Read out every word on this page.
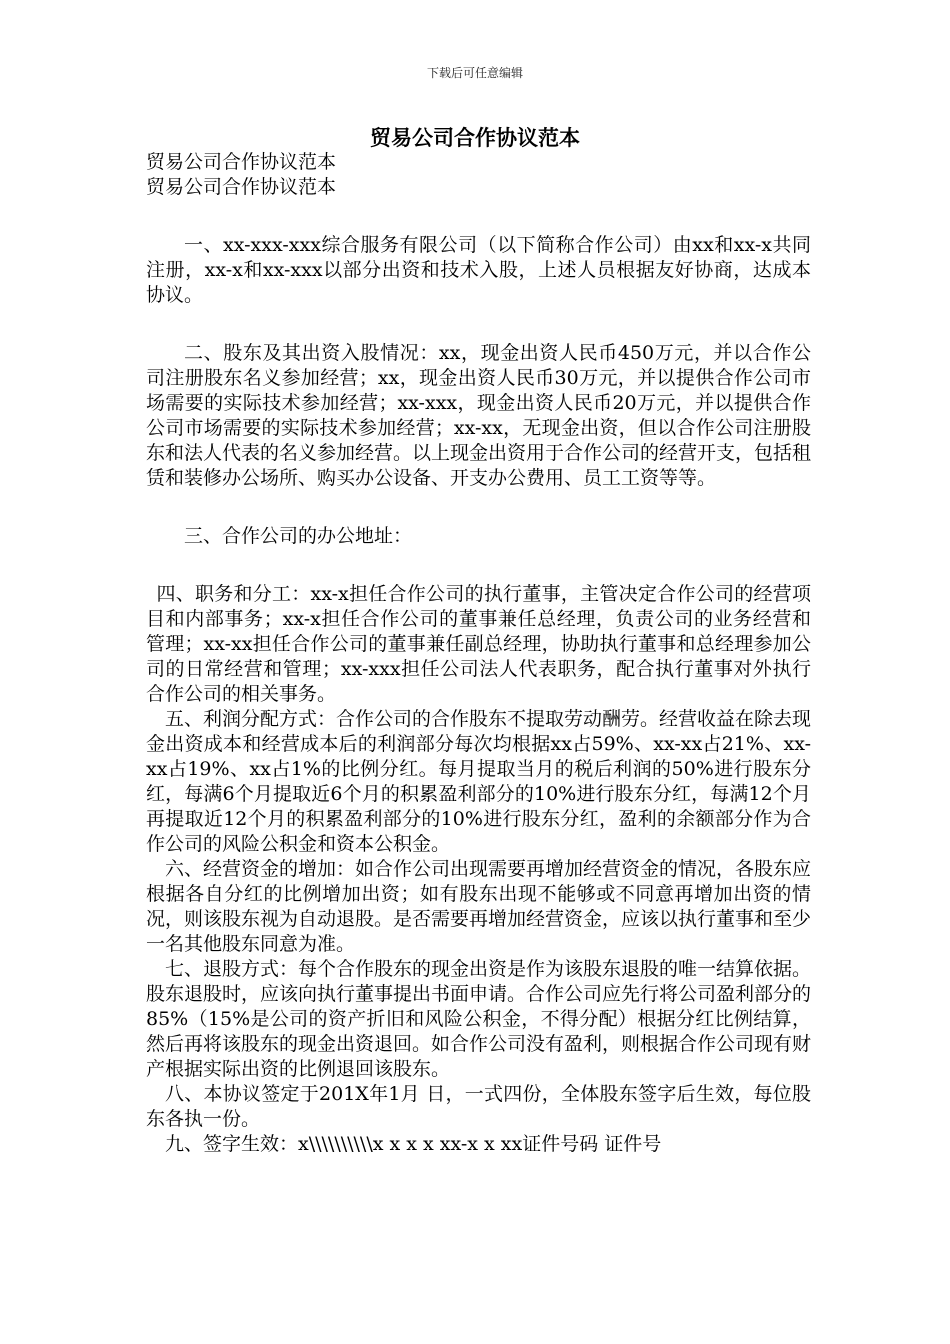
下载后可任意编辑
贸易公司合作协议范本

贸易公司合作协议范本

贸易公司合作协议范本

一、xx-xxx-xxx综合服务有限公司（以下简称合作公司）由xx和xx-x共同注册，xx-x和xx-xxx以部分出资和技术入股，上述人员根据友好协商，达成本协议。

二、股东及其出资入股情况：xx，现金出资人民币450万元，并以合作公司注册股东名义参加经营；xx，现金出资人民币30万元，并以提供合作公司市场需要的实际技术参加经营；xx-xxx，现金出资人民币20万元，并以提供合作公司市场需要的实际技术参加经营；xx-xx，无现金出资，但以合作公司注册股东和法人代表的名义参加经营。以上现金出资用于合作公司的经营开支，包括租赁和装修办公场所、购买办公设备、开支办公费用、员工工资等等。

三、合作公司的办公地址：

四、职务和分工：xx-x担任合作公司的执行董事，主管决定合作公司的经营项目和内部事务；xx-x担任合作公司的董事兼任总经理，负责公司的业务经营和管理；xx-xx担任合作公司的董事兼任副总经理，协助执行董事和总经理参加公司的日常经营和管理；xx-xxx担任公司法人代表职务，配合执行董事对外执行合作公司的相关事务。

五、利润分配方式：合作公司的合作股东不提取劳动酬劳。经营收益在除去现金出资成本和经营成本后的利润部分每次均根据xx占59%、xx-xx占21%、xx-xx占19%、xx占1%的比例分红。每月提取当月的税后利润的50%进行股东分红，每满6个月提取近6个月的积累盈利部分的10%进行股东分红，每满12个月再提取近12个月的积累盈利部分的10%进行股东分红，盈利的余额部分作为合作公司的风险公积金和资本公积金。

六、经营资金的增加：如合作公司出现需要再增加经营资金的情况，各股东应根据各自分红的比例增加出资；如有股东出现不能够或不同意再增加出资的情况，则该股东视为自动退股。是否需要再增加经营资金，应该以执行董事和至少一名其他股东同意为准。

七、退股方式：每个合作股东的现金出资是作为该股东退股的唯一结算依据。股东退股时，应该向执行董事提出书面申请。合作公司应先行将公司盈利部分的85%（15%是公司的资产折旧和风险公积金，不得分配）根据分红比例结算，然后再将该股东的现金出资退回。如合作公司没有盈利，则根据合作公司现有财产根据实际出资的比例退回该股东。

八、本协议签定于201X年1月 日，一式四份，全体股东签字后生效，每位股东各执一份。

九、签字生效：x\\\\\\\\\\x x x x xx-x x xx证件号码 证件号
